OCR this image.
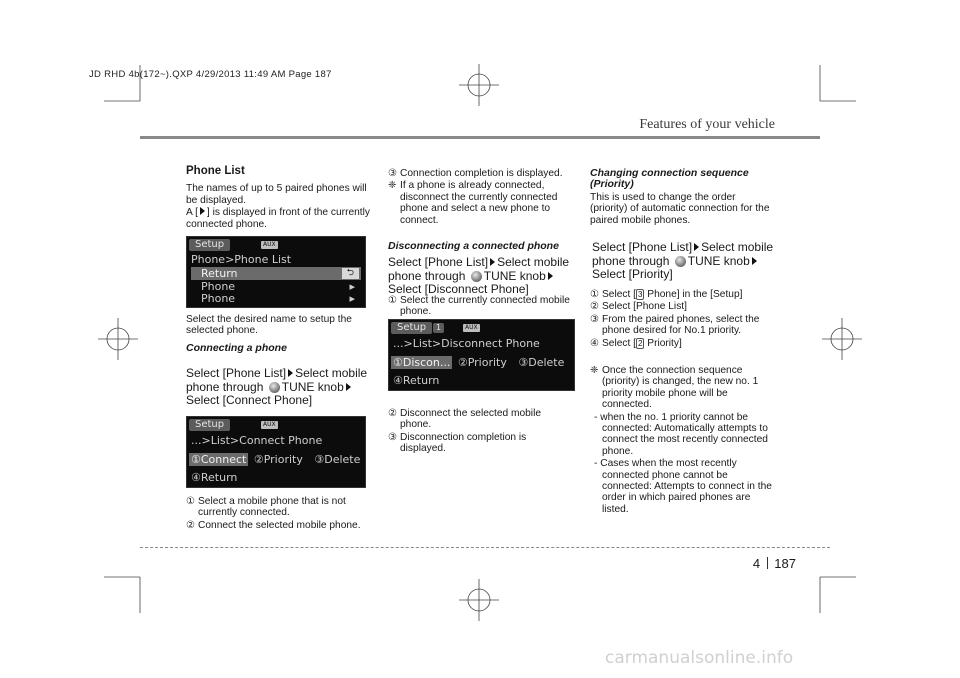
JD RHD 4b(172~).QXP 4/29/2013 11:49 AM Page 187
Features of your vehicle

Phone List

The names of up to 5 paired phones will be displayed.

A [ ] is displayed in front of the currently connected phone.

Setup	AUX
Phone>Phone List
Return	⮌
Phone	▸
Phone	▸

Select the desired name to setup the selected phone.

Connecting a phone

Select [Phone List] Select mobile phone through TUNE knobSelect [Connect Phone]

Setup	AUX
...>List>Connect Phone
①Connect ②Priority ③Delete
④Return

① Select a mobile phone that is not currently connected.

② Connect the selected mobile phone.

③ Connection completion is displayed.

❈ If a phone is already connected, disconnect the currently connected phone and select a new phone to connect.

Disconnecting a connected phone

Select [Phone List] Select mobile phone through TUNE knobSelect [Disconnect Phone]

① Select the currently connected mobile phone.

Setup	1	AUX
...>List>Disconnect Phone
①Discon... ②Priority ③Delete
④Return

② Disconnect the selected mobile phone.

③ Disconnection completion is displayed.

Changing connection sequence (Priority)

This is used to change the order (priority) of automatic connection for the paired mobile phones.

Select [Phone List] Select mobile phone through TUNE knobSelect [Priority]

① Select [ 3 Phone] in the [Setup]

② Select [Phone List]

③ From the paired phones, select the phone desired for No.1 priority.

④ Select [ 2 Priority]

❈ Once the connection sequence (priority) is changed, the new no. 1 priority mobile phone will be connected.

- when the no. 1 priority cannot be connected: Automatically attempts to connect the most recently connected phone.

- Cases when the most recently connected phone cannot be connected: Attempts to connect in the order in which paired phones are listed.

4 187
carmanualsonline.info
